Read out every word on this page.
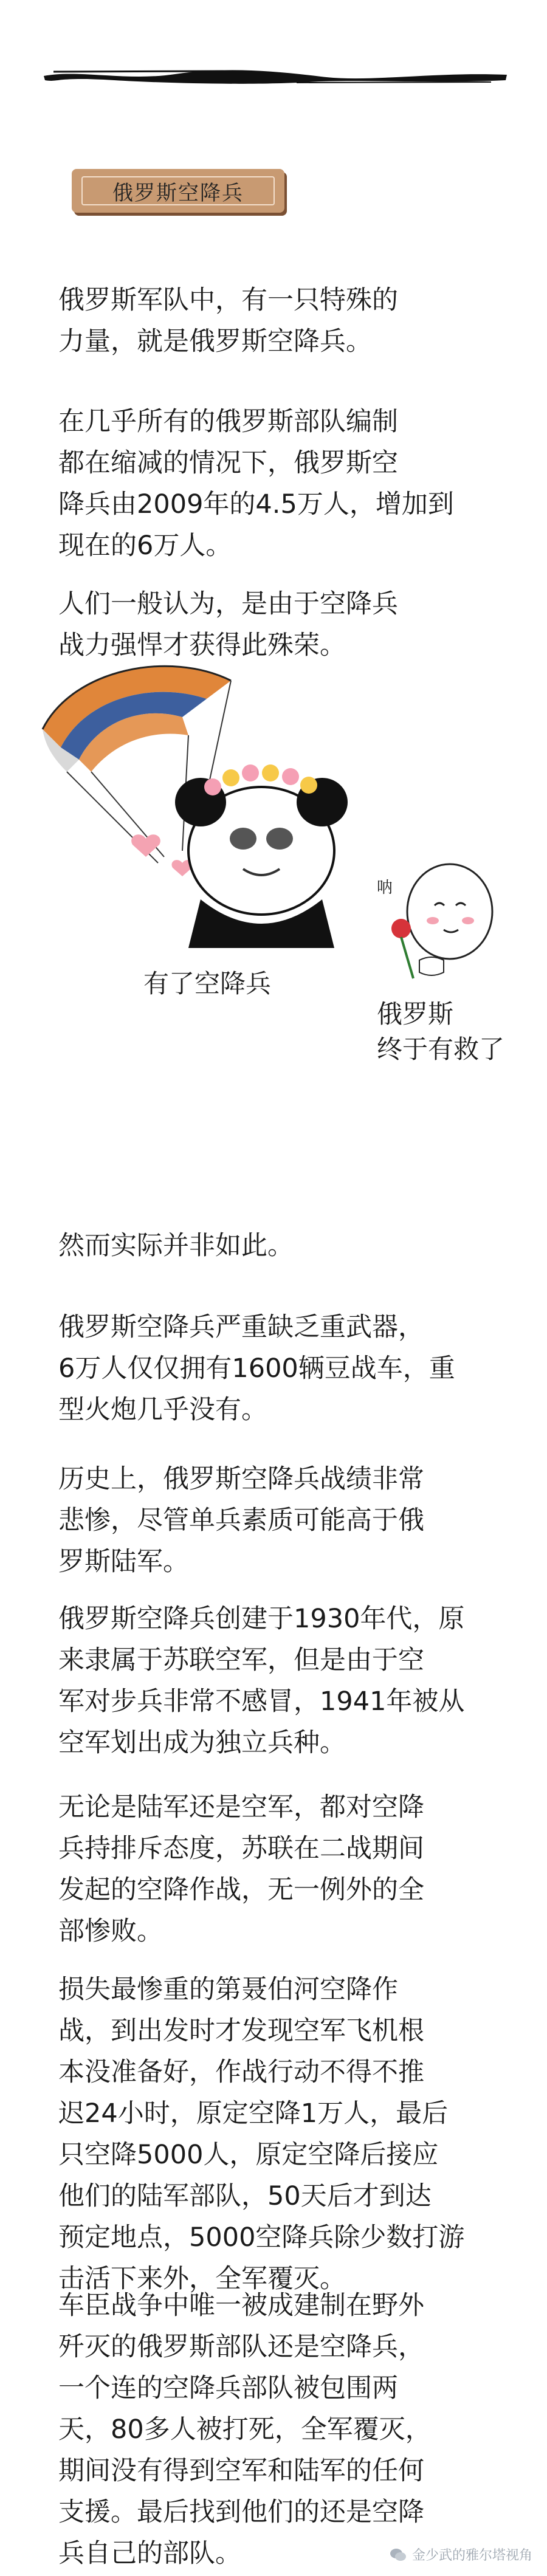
俄罗斯空降兵
俄罗斯军队中，有一只特殊的
力量，就是俄罗斯空降兵。
在几乎所有的俄罗斯部队编制
都在缩减的情况下，俄罗斯空
降兵由2009年的4.5万人，增加到
现在的6万人。
人们一般认为，是由于空降兵
战力强悍才获得此殊荣。
呐
有了空降兵
俄罗斯
终于有救了
然而实际并非如此。
俄罗斯空降兵严重缺乏重武器，
6万人仅仅拥有1600辆豆战车，重
型火炮几乎没有。
历史上，俄罗斯空降兵战绩非常
悲惨，尽管单兵素质可能高于俄
罗斯陆军。
俄罗斯空降兵创建于1930年代，原
来隶属于苏联空军，但是由于空
军对步兵非常不感冒，1941年被从
空军划出成为独立兵种。
无论是陆军还是空军，都对空降
兵持排斥态度，苏联在二战期间
发起的空降作战，无一例外的全
部惨败。
损失最惨重的第聂伯河空降作
战，到出发时才发现空军飞机根
本没准备好，作战行动不得不推
迟24小时，原定空降1万人，最后
只空降5000人，原定空降后接应
他们的陆军部队，50天后才到达
预定地点，5000空降兵除少数打游
击活下来外，全军覆灭。
车臣战争中唯一被成建制在野外
歼灭的俄罗斯部队还是空降兵，
一个连的空降兵部队被包围两
天，80多人被打死，全军覆灭，
期间没有得到空军和陆军的任何
支援。最后找到他们的还是空降
兵自己的部队。	金少武的雅尔塔视角
